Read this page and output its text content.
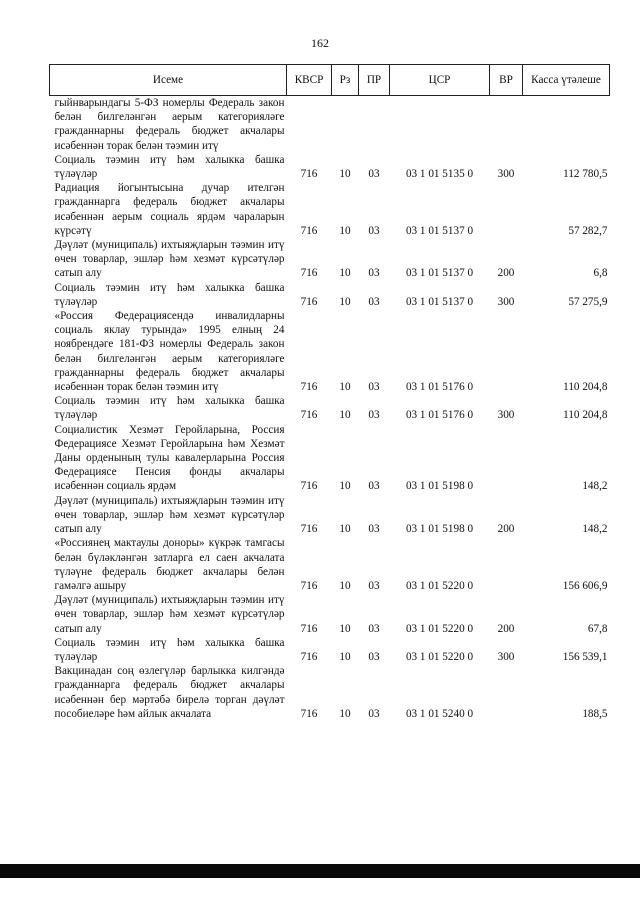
162
Исеме	КВСР	Рз	ПР	ЦСР	ВР	Касса үтәлеше
гыйнварындагы 5-ФЗ номерлы Федераль закон белән билгеләнгән аерым категорияләге гражданнарны федераль бюджет акчалары исәбеннән торак белән тәэмин итү						
Социаль тәэмин итү һәм халыкка башка түләүләр	716	10	03	03 1 01 5135 0	300	112 780,5
Радиация йогынтысына дучар ителгән гражданнарга федераль бюджет акчалары исәбеннән аерым социаль ярдәм чараларын күрсәтү	716	10	03	03 1 01 5137 0		57 282,7
Дәүләт (муниципаль) ихтыяҗларын тәэмин итү өчен товарлар, эшләр һәм хезмәт күрсәтүләр сатып алу	716	10	03	03 1 01 5137 0	200	6,8
Социаль тәэмин итү һәм халыкка башка түләүләр	716	10	03	03 1 01 5137 0	300	57 275,9
«Россия Федерациясендә инвалидларны социаль яклау турында» 1995 елның 24 ноябрендәге 181-ФЗ номерлы Федераль закон белән билгеләнгән аерым категорияләге гражданнарны федераль бюджет акчалары исәбеннән торак белән тәэмин итү	716	10	03	03 1 01 5176 0		110 204,8
Социаль тәэмин итү һәм халыкка башка түләүләр	716	10	03	03 1 01 5176 0	300	110 204,8
Социалистик Хезмәт Геройларына, Россия Федерациясе Хезмәт Геройларына һәм Хезмәт Даны орденының тулы кавалерларына Россия Федерациясе Пенсия фонды акчалары исәбеннән социаль ярдәм	716	10	03	03 1 01 5198 0		148,2
Дәүләт (муниципаль) ихтыяҗларын тәэмин итү өчен товарлар, эшләр һәм хезмәт күрсәтүләр сатып алу	716	10	03	03 1 01 5198 0	200	148,2
«Россиянең мактаулы доноры» күкрәк тамгасы белән бүләкләнгән затларга ел саен акчалата түләүне федераль бюджет акчалары белән гамәлгә ашыру	716	10	03	03 1 01 5220 0		156 606,9
Дәүләт (муниципаль) ихтыяҗларын тәэмин итү өчен товарлар, эшләр һәм хезмәт күрсәтүләр сатып алу	716	10	03	03 1 01 5220 0	200	67,8
Социаль тәэмин итү һәм халыкка башка түләүләр	716	10	03	03 1 01 5220 0	300	156 539,1
Вакцинадан соң өзлегүләр барлыкка килгәндә гражданнарга федераль бюджет акчалары исәбеннән бер мәртәбә бирелә торган дәүләт пособиеләре һәм айлык акчалата	716	10	03	03 1 01 5240 0		188,5
